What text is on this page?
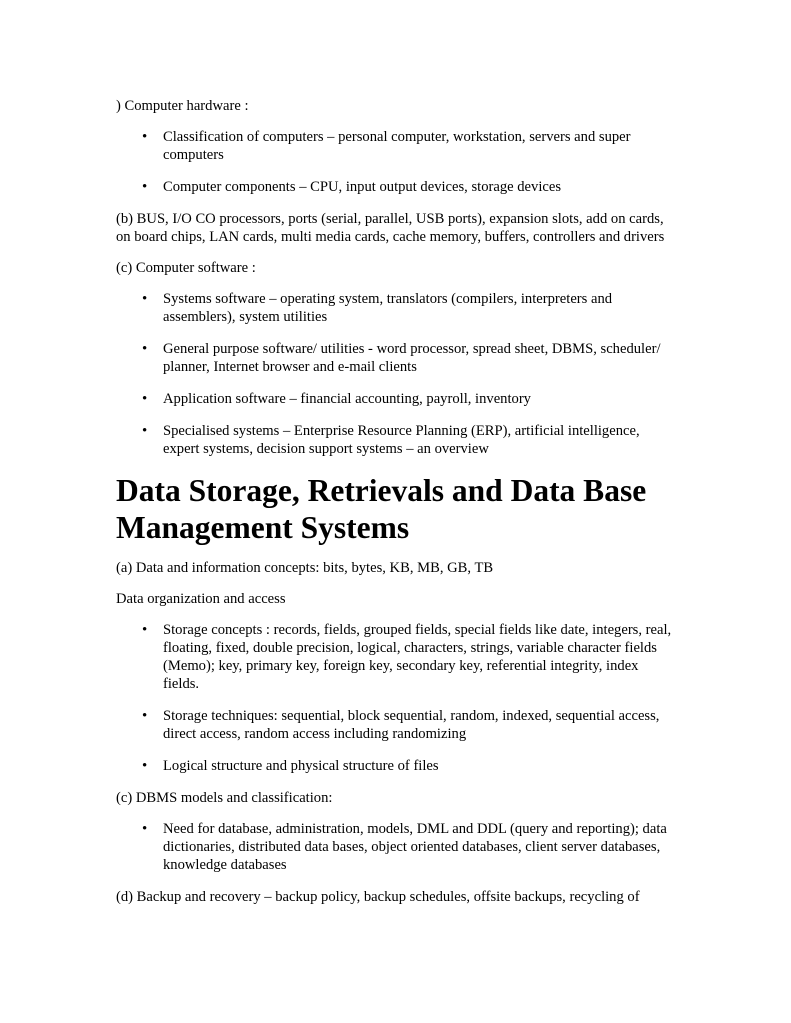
) Computer hardware :

• Classification of computers – personal computer, workstation, servers and super computers
• Computer components – CPU, input output devices, storage devices

(b) BUS, I/O CO processors, ports (serial, parallel, USB ports), expansion slots, add on cards, on board chips, LAN cards, multi media cards, cache memory, buffers, controllers and drivers

(c) Computer software :

• Systems software – operating system, translators (compilers, interpreters and assemblers), system utilities
• General purpose software/ utilities - word processor, spread sheet, DBMS, scheduler/ planner, Internet browser and e-mail clients
• Application software – financial accounting, payroll, inventory
• Specialised systems – Enterprise Resource Planning (ERP), artificial intelligence, expert systems, decision support systems – an overview
Data Storage, Retrievals and Data Base Management Systems

(a) Data and information concepts: bits, bytes, KB, MB, GB, TB

Data organization and access

• Storage concepts : records, fields, grouped fields, special fields like date, integers, real, floating, fixed, double precision, logical, characters, strings, variable character fields (Memo); key, primary key, foreign key, secondary key, referential integrity, index fields.
• Storage techniques: sequential, block sequential, random, indexed, sequential access, direct access, random access including randomizing
• Logical structure and physical structure of files

(c) DBMS models and classification:

• Need for database, administration, models, DML and DDL (query and reporting); data dictionaries, distributed data bases, object oriented databases, client server databases, knowledge databases

(d) Backup and recovery – backup policy, backup schedules, offsite backups, recycling of
